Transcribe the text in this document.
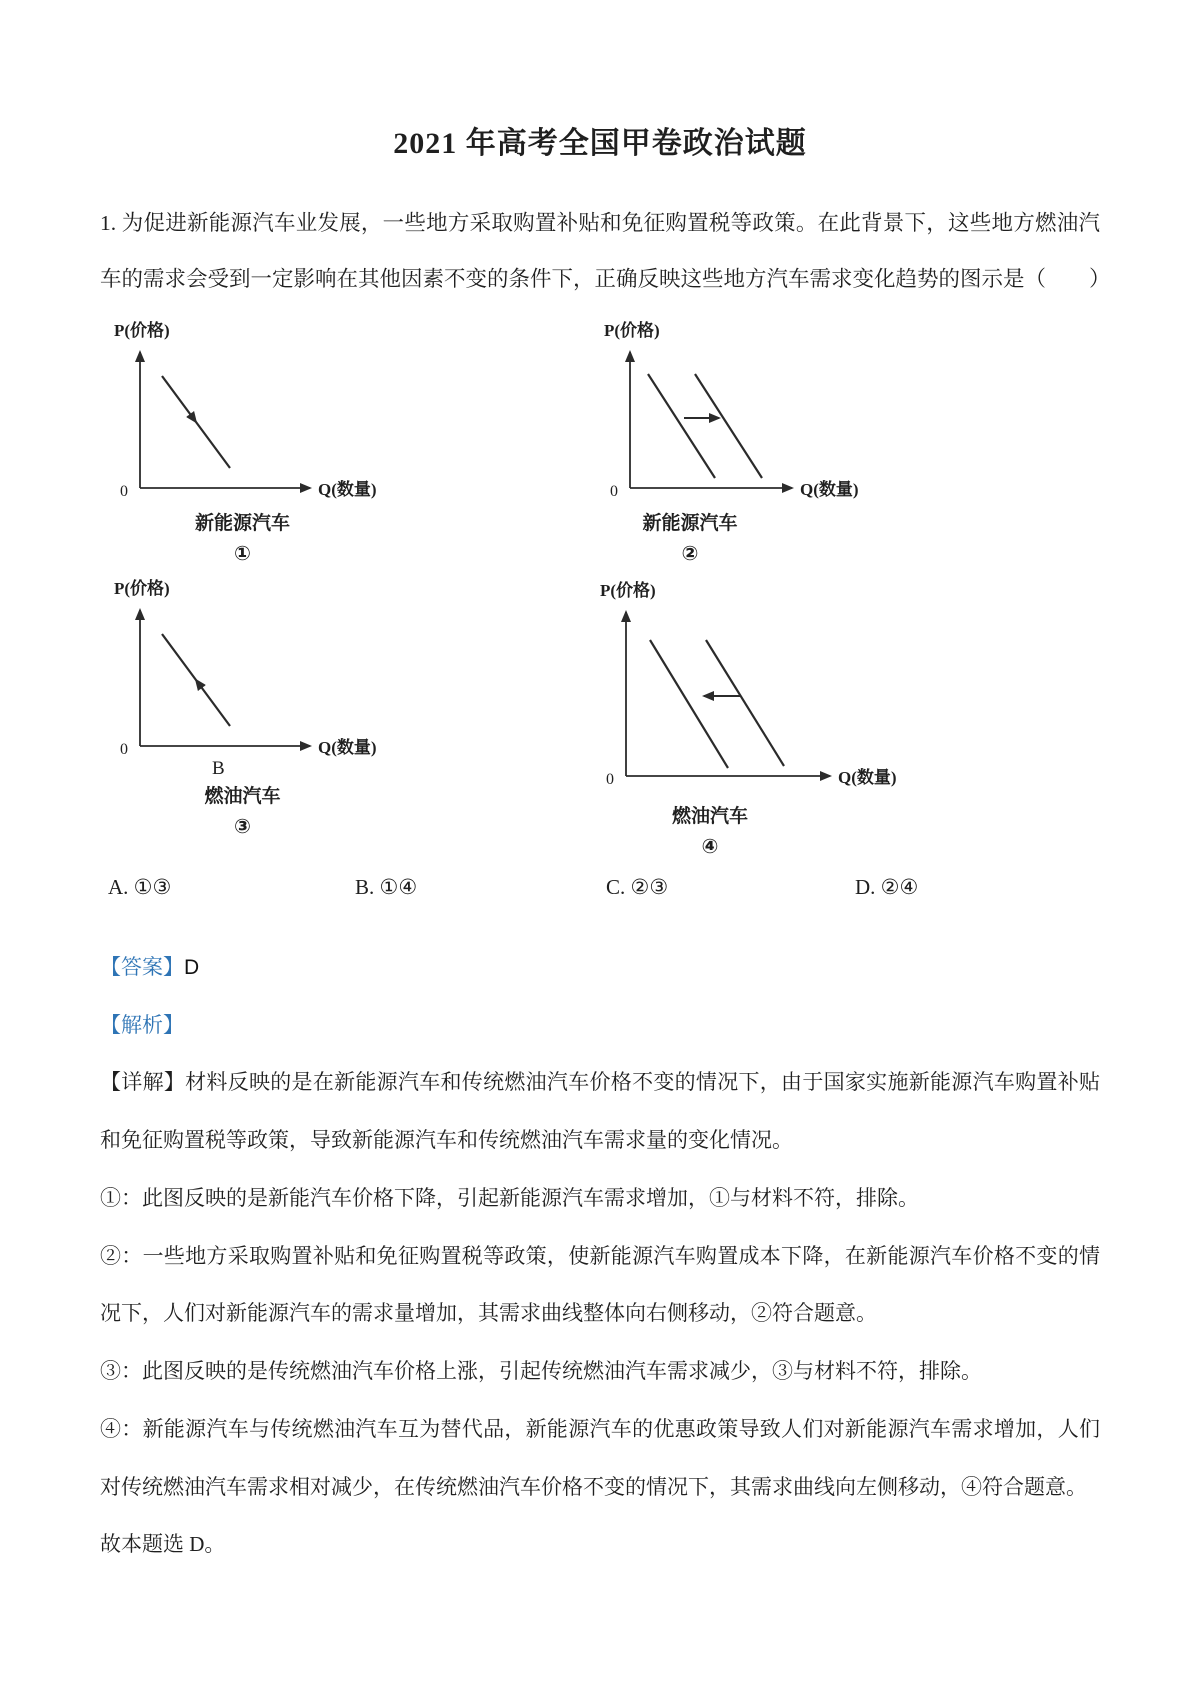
2021 年高考全国甲卷政治试题

1. 为促进新能源汽车业发展，一些地方采取购置补贴和免征购置税等政策。在此背景下，这些地方燃油汽车的需求会受到一定影响在其他因素不变的条件下，正确反映这些地方汽车需求变化趋势的图示是（　　）

P(价格)
0	Q(数量)
新能源汽车
①
P(价格)
0	Q(数量)
新能源汽车
②
P(价格)
0	Q(数量)
B
燃油汽车
③
P(价格)
0	Q(数量)
燃油汽车
④
A. ①③	B. ①④	C. ②③	D. ②④

【答案】D

【解析】

【详解】材料反映的是在新能源汽车和传统燃油汽车价格不变的情况下，由于国家实施新能源汽车购置补贴和免征购置税等政策，导致新能源汽车和传统燃油汽车需求量的变化情况。

①：此图反映的是新能汽车价格下降，引起新能源汽车需求增加，①与材料不符，排除。

②：一些地方采取购置补贴和免征购置税等政策，使新能源汽车购置成本下降，在新能源汽车价格不变的情况下，人们对新能源汽车的需求量增加，其需求曲线整体向右侧移动，②符合题意。

③：此图反映的是传统燃油汽车价格上涨，引起传统燃油汽车需求减少，③与材料不符，排除。

④：新能源汽车与传统燃油汽车互为替代品，新能源汽车的优惠政策导致人们对新能源汽车需求增加，人们对传统燃油汽车需求相对减少，在传统燃油汽车价格不变的情况下，其需求曲线向左侧移动，④符合题意。

故本题选 D。
